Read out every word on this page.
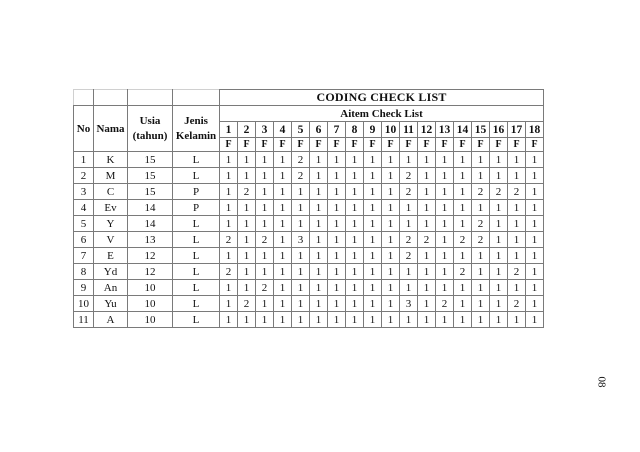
				CODING CHECK LIST																	
No	Nama	Usia (tahun)	Jenis Kelamin	Aitem Check List																	
				1	2	3	4	5	6	7	8	9	10	11	12	13	14	15	16	17	18
				F	F	F	F	F	F	F	F	F	F	F	F	F	F	F	F	F	F
1	K	15	L	1	1	1	1	2	1	1	1	1	1	1	1	1	1	1	1	1	1
2	M	15	L	1	1	1	1	2	1	1	1	1	1	2	1	1	1	1	1	1	1
3	C	15	P	1	2	1	1	1	1	1	1	1	1	2	1	1	1	2	2	2	1
4	Ev	14	P	1	1	1	1	1	1	1	1	1	1	1	1	1	1	1	1	1	1
5	Y	14	L	1	1	1	1	1	1	1	1	1	1	1	1	1	1	2	1	1	1
6	V	13	L	2	1	2	1	3	1	1	1	1	1	2	2	1	2	2	1	1	1
7	E	12	L	1	1	1	1	1	1	1	1	1	1	2	1	1	1	1	1	1	1
8	Yd	12	L	2	1	1	1	1	1	1	1	1	1	1	1	1	2	1	1	2	1
9	An	10	L	1	1	2	1	1	1	1	1	1	1	1	1	1	1	1	1	1	1
10	Yu	10	L	1	2	1	1	1	1	1	1	1	1	3	1	2	1	1	1	2	1
11	A	10	L	1	1	1	1	1	1	1	1	1	1	1	1	1	1	1	1	1	1
08
